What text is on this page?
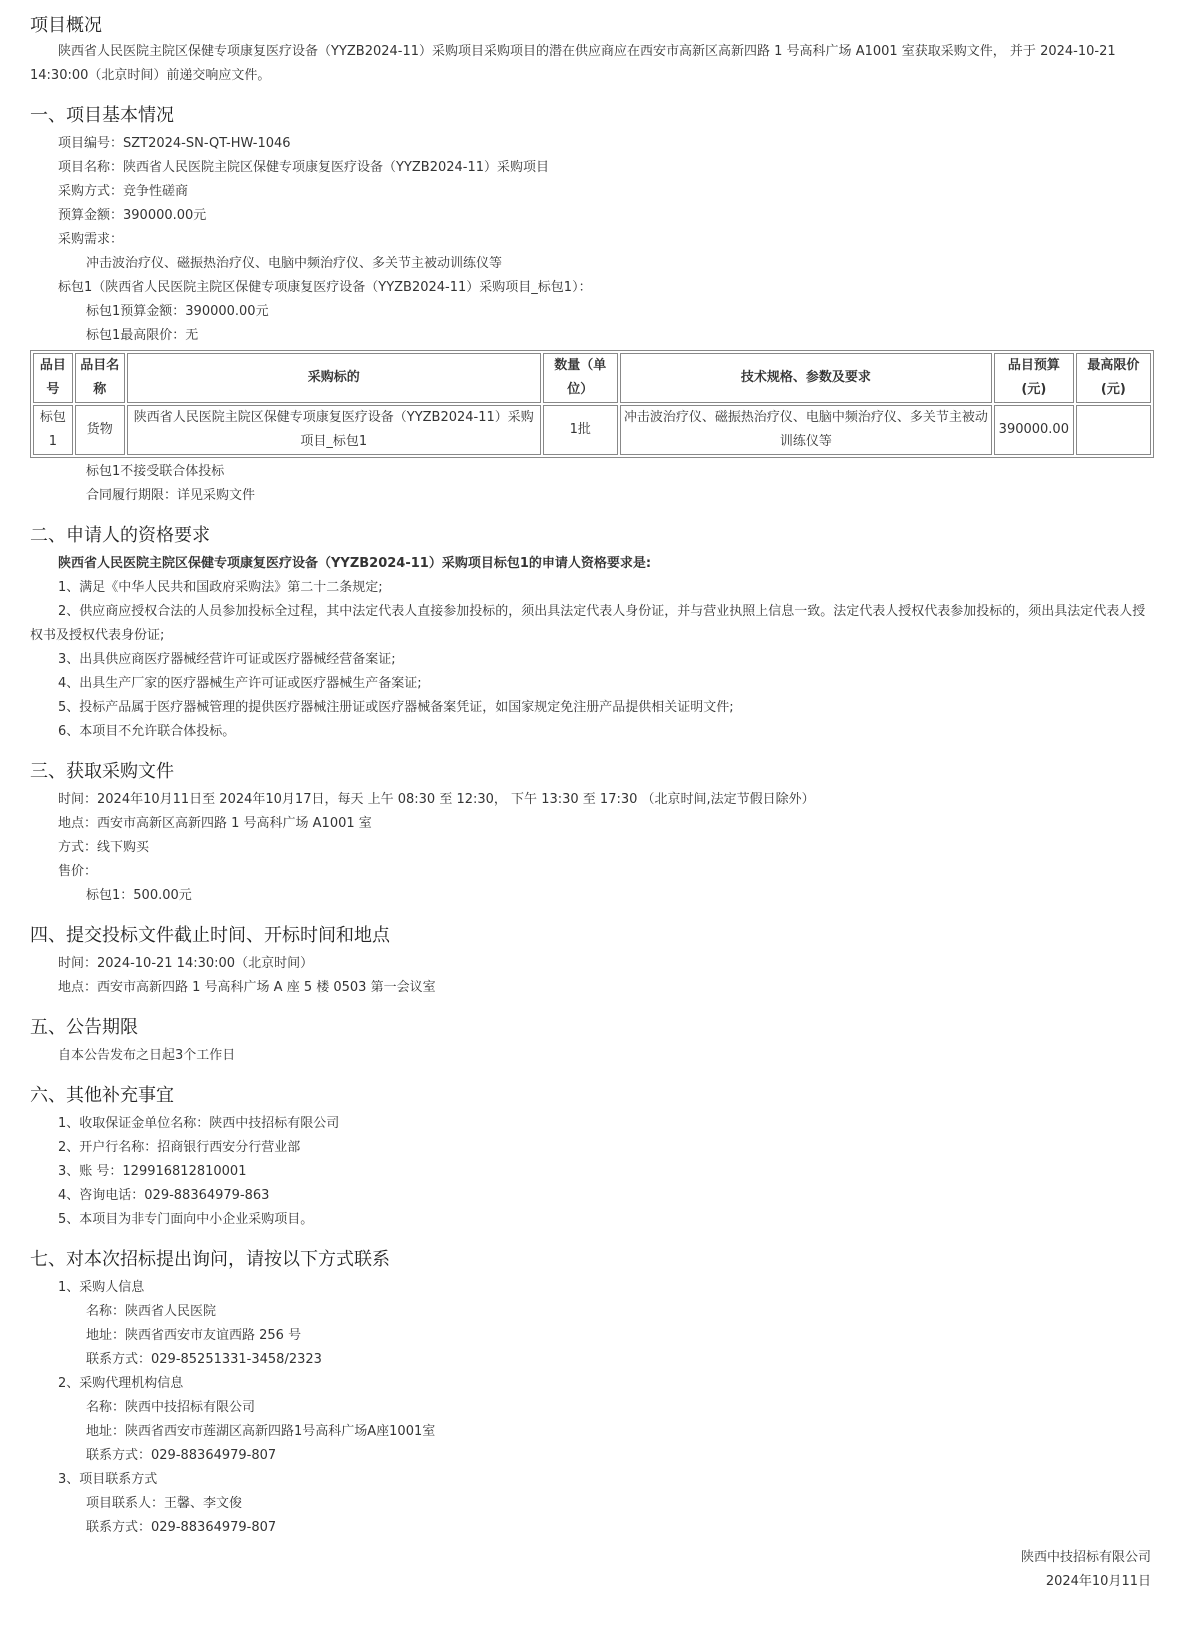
项目概况

陕西省人民医院主院区保健专项康复医疗设备（YYZB2024-11）采购项目采购项目的潜在供应商应在西安市高新区高新四路 1 号高科广场 A1001 室获取采购文件， 并于 2024-10-21 14:30:00（北京时间）前递交响应文件。

一、项目基本情况

项目编号：SZT2024-SN-QT-HW-1046

项目名称：陕西省人民医院主院区保健专项康复医疗设备（YYZB2024-11）采购项目

采购方式：竞争性磋商

预算金额：390000.00元

采购需求：

冲击波治疗仪、磁振热治疗仪、电脑中频治疗仪、多关节主被动训练仪等

标包1（陕西省人民医院主院区保健专项康复医疗设备（YYZB2024-11）采购项目_标包1）：

标包1预算金额：390000.00元

标包1最高限价：无

品目号	品目名称	采购标的	数量（单位）	技术规格、参数及要求	品目预算(元)	最高限价(元)
标包1	货物	陕西省人民医院主院区保健专项康复医疗设备（YYZB2024-11）采购项目_标包1	1批	冲击波治疗仪、磁振热治疗仪、电脑中频治疗仪、多关节主被动训练仪等	390000.00	

标包1不接受联合体投标

合同履行期限：详见采购文件

二、申请人的资格要求

陕西省人民医院主院区保健专项康复医疗设备（YYZB2024-11）采购项目标包1的申请人资格要求是:

1、满足《中华人民共和国政府采购法》第二十二条规定;

2、供应商应授权合法的人员参加投标全过程，其中法定代表人直接参加投标的，须出具法定代表人身份证，并与营业执照上信息一致。法定代表人授权代表参加投标的，须出具法定代表人授权书及授权代表身份证;

3、出具供应商医疗器械经营许可证或医疗器械经营备案证;

4、出具生产厂家的医疗器械生产许可证或医疗器械生产备案证;

5、投标产品属于医疗器械管理的提供医疗器械注册证或医疗器械备案凭证，如国家规定免注册产品提供相关证明文件;

6、本项目不允许联合体投标。

三、获取采购文件

时间：2024年10月11日至 2024年10月17日，每天 上午 08:30 至 12:30， 下午 13:30 至 17:30 （北京时间,法定节假日除外）

地点：西安市高新区高新四路 1 号高科广场 A1001 室

方式：线下购买

售价：

标包1：500.00元

四、提交投标文件截止时间、开标时间和地点

时间：2024-10-21 14:30:00（北京时间）

地点：西安市高新四路 1 号高科广场 A 座 5 楼 0503 第一会议室

五、公告期限

自本公告发布之日起3个工作日

六、其他补充事宜

1、收取保证金单位名称：陕西中技招标有限公司

2、开户行名称：招商银行西安分行营业部

3、账 号：129916812810001

4、咨询电话：029-88364979-863

5、本项目为非专门面向中小企业采购项目。

七、对本次招标提出询问，请按以下方式联系

1、采购人信息

名称：陕西省人民医院

地址：陕西省西安市友谊西路 256 号

联系方式：029-85251331-3458/2323

2、采购代理机构信息

名称：陕西中技招标有限公司

地址：陕西省西安市莲湖区高新四路1号高科广场A座1001室

联系方式：029-88364979-807

3、项目联系方式

项目联系人：王馨、李文俊

联系方式：029-88364979-807

陕西中技招标有限公司
2024年10月11日
